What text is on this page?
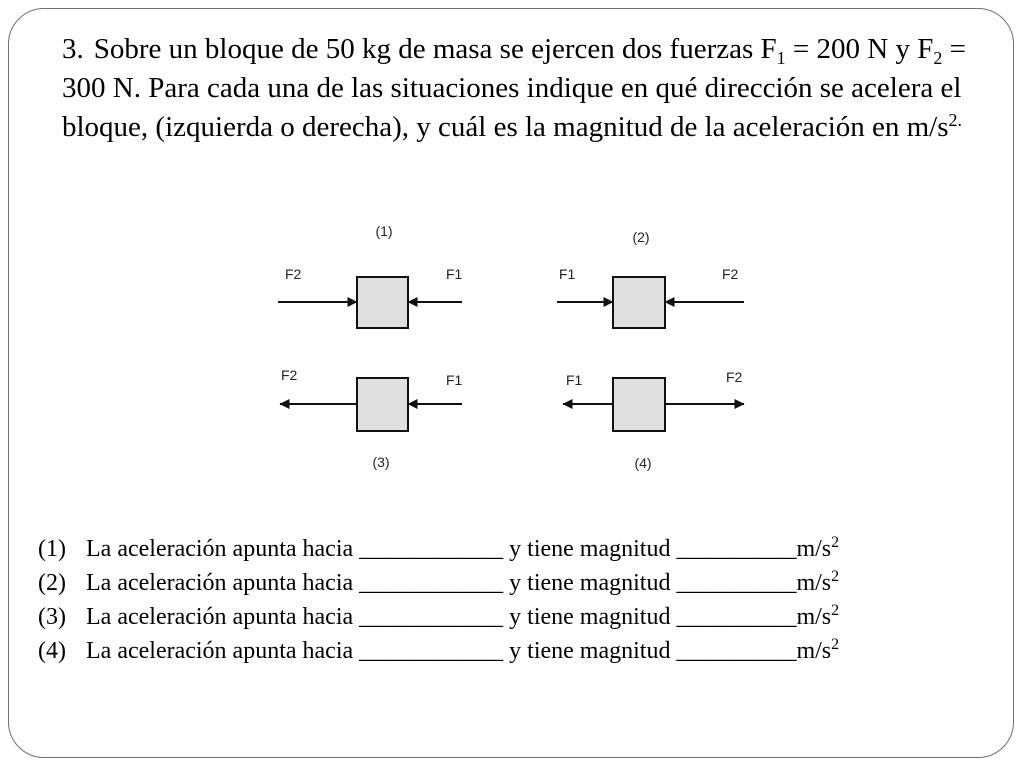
3. Sobre un bloque de 50 kg de masa se ejercen dos fuerzas $F_1 = 200$ N y $F_2 = 300$ N. Para cada una de las situaciones indique en qué dirección se acelera el bloque, (izquierda o derecha), y cuál es la magnitud de la aceleración en $m/s^{2.}$

(1)
F2	F1
(2)
F1	F2
F2	F1
(3)
F1	F2
(4)
(1) La aceleración apunta hacia ____________ y tiene magnitud $\_\_\_\_\_\_\_\_\_\_m/s^2$
(2) La aceleración apunta hacia ____________ y tiene magnitud $\_\_\_\_\_\_\_\_\_\_m/s^2$
(3) La aceleración apunta hacia ____________ y tiene magnitud $\_\_\_\_\_\_\_\_\_\_m/s^2$
(4) La aceleración apunta hacia ____________ y tiene magnitud $\_\_\_\_\_\_\_\_\_\_m/s^2$
